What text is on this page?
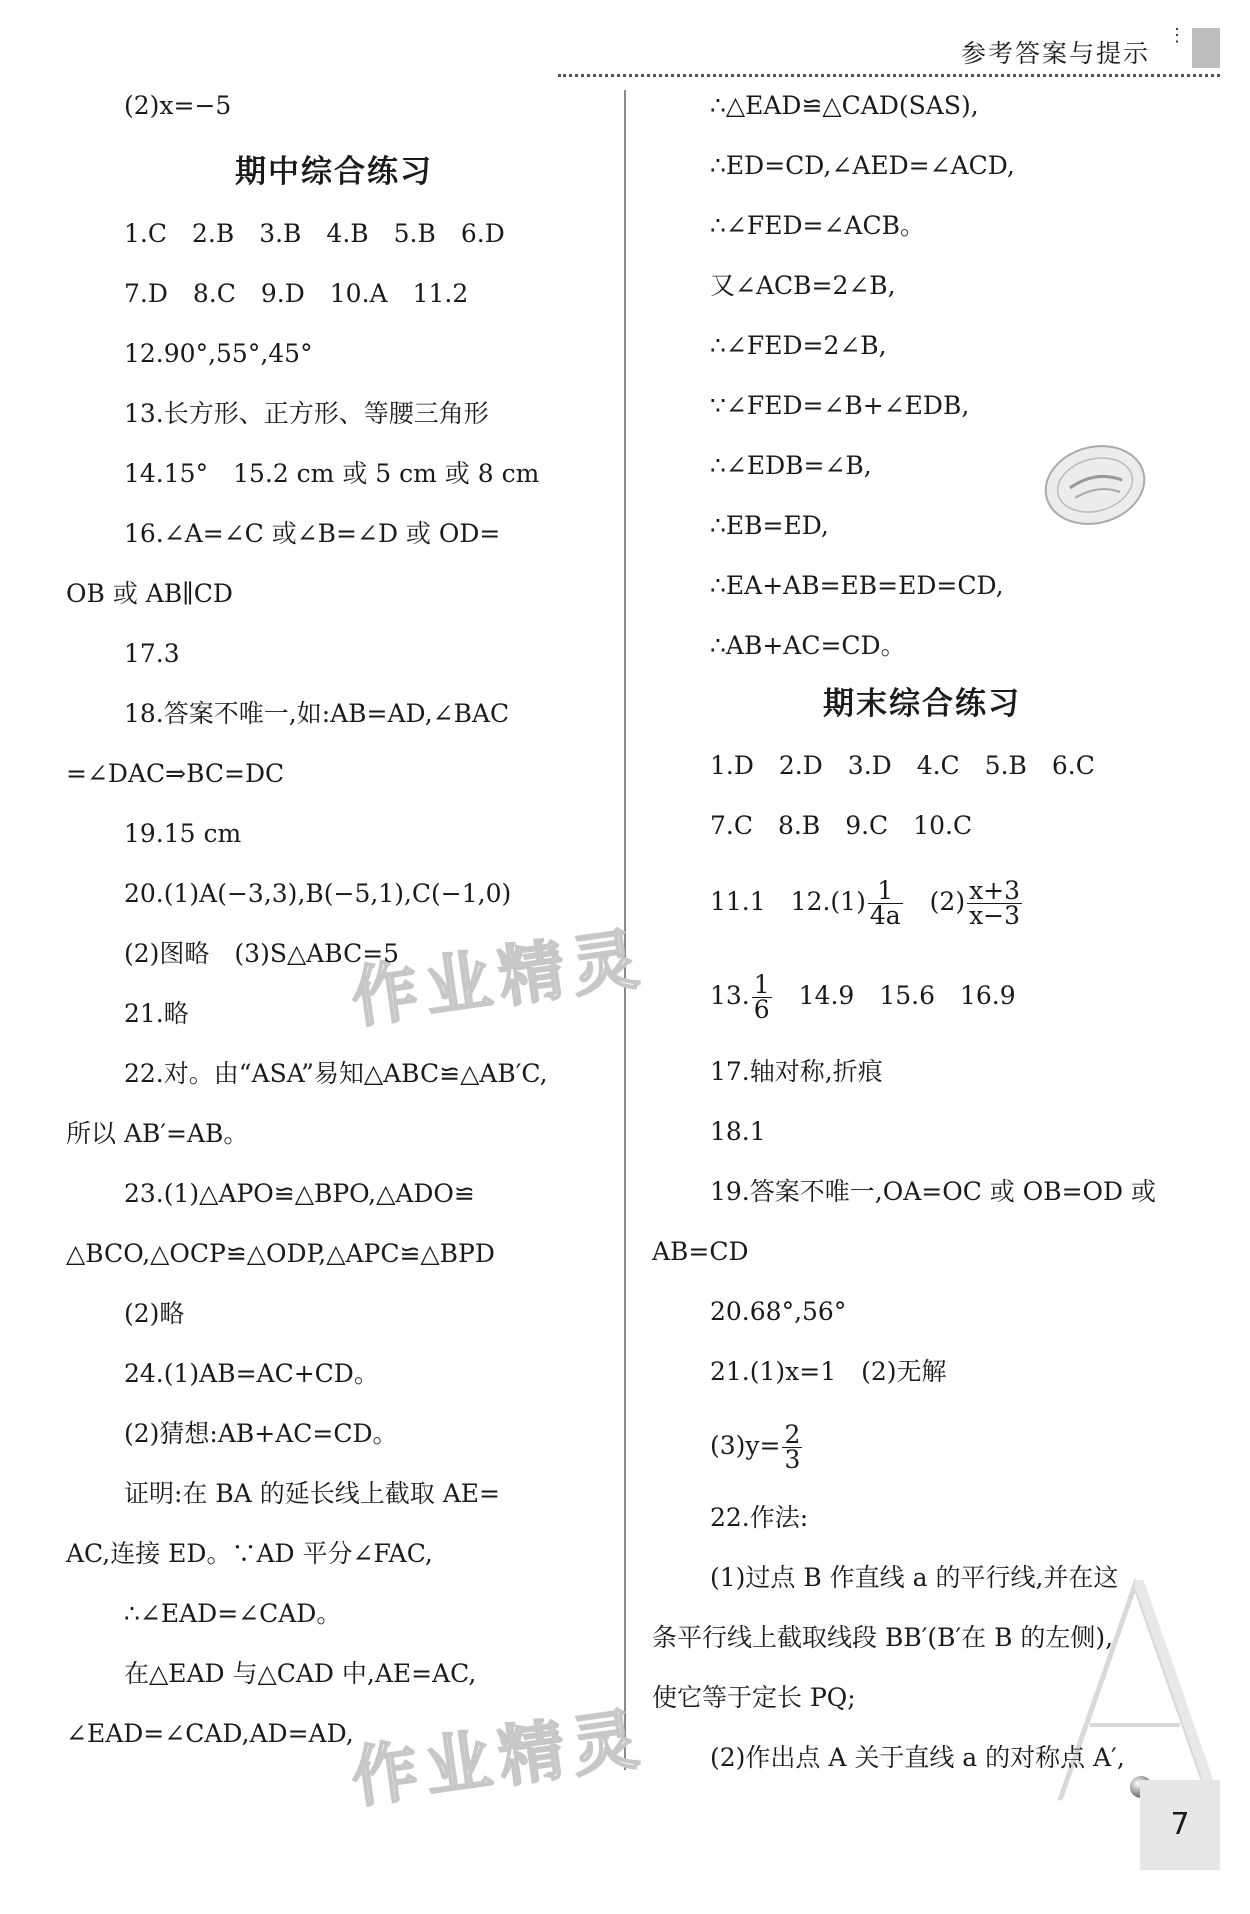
参考答案与提示
⋮
作业精灵
作业精灵
(2)x=−5
期中综合练习
1.C　2.B　3.B　4.B　5.B　6.D
7.D　8.C　9.D　10.A　11.2
12.90°,55°,45°
13.长方形、正方形、等腰三角形
14.15°　15.2 cm 或 5 cm 或 8 cm
16.∠A=∠C 或∠B=∠D 或 OD=
OB 或 AB∥CD
17.3
18.答案不唯一,如:AB=AD,∠BAC
=∠DAC⇒BC=DC
19.15 cm
20.(1)A(−3,3),B(−5,1),C(−1,0)
(2)图略　(3)S△ABC=5
21.略
22.对。由“ASA”易知△ABC≌△AB′C,
所以 AB′=AB。
23.(1)△APO≌△BPO,△ADO≌
△BCO,△OCP≌△ODP,△APC≌△BPD
(2)略
24.(1)AB=AC+CD。
(2)猜想:AB+AC=CD。
证明:在 BA 的延长线上截取 AE=
AC,连接 ED。∵AD 平分∠FAC,
∴∠EAD=∠CAD。
在△EAD 与△CAD 中,AE=AC,
∠EAD=∠CAD,AD=AD,
∴△EAD≌△CAD(SAS),
∴ED=CD,∠AED=∠ACD,
∴∠FED=∠ACB。
又∠ACB=2∠B,
∴∠FED=2∠B,
∵∠FED=∠B+∠EDB,
∴∠EDB=∠B,
∴EB=ED,
∴EA+AB=EB=ED=CD,
∴AB+AC=CD。
期末综合练习
1.D　2.D　3.D　4.C　5.B　6.C
7.C　8.B　9.C　10.C
11.1　$12.(1) \frac{1}{4a}$ 　$(2) \frac{x+3}{x-3}$
13. $\frac{1}{6}$ 　14.9　15.6　16.9
17.轴对称,折痕
18.1
19.答案不唯一,OA=OC 或 OB=OD 或
AB=CD
20.68°,56°
21.(1)x=1　(2)无解
$(3)y= \frac{2}{3}$
22.作法:
(1)过点 B 作直线 a 的平行线,并在这
条平行线上截取线段 BB′(B′在 B 的左侧),
使它等于定长 PQ;
(2)作出点 A 关于直线 a 的对称点 A′,
7
